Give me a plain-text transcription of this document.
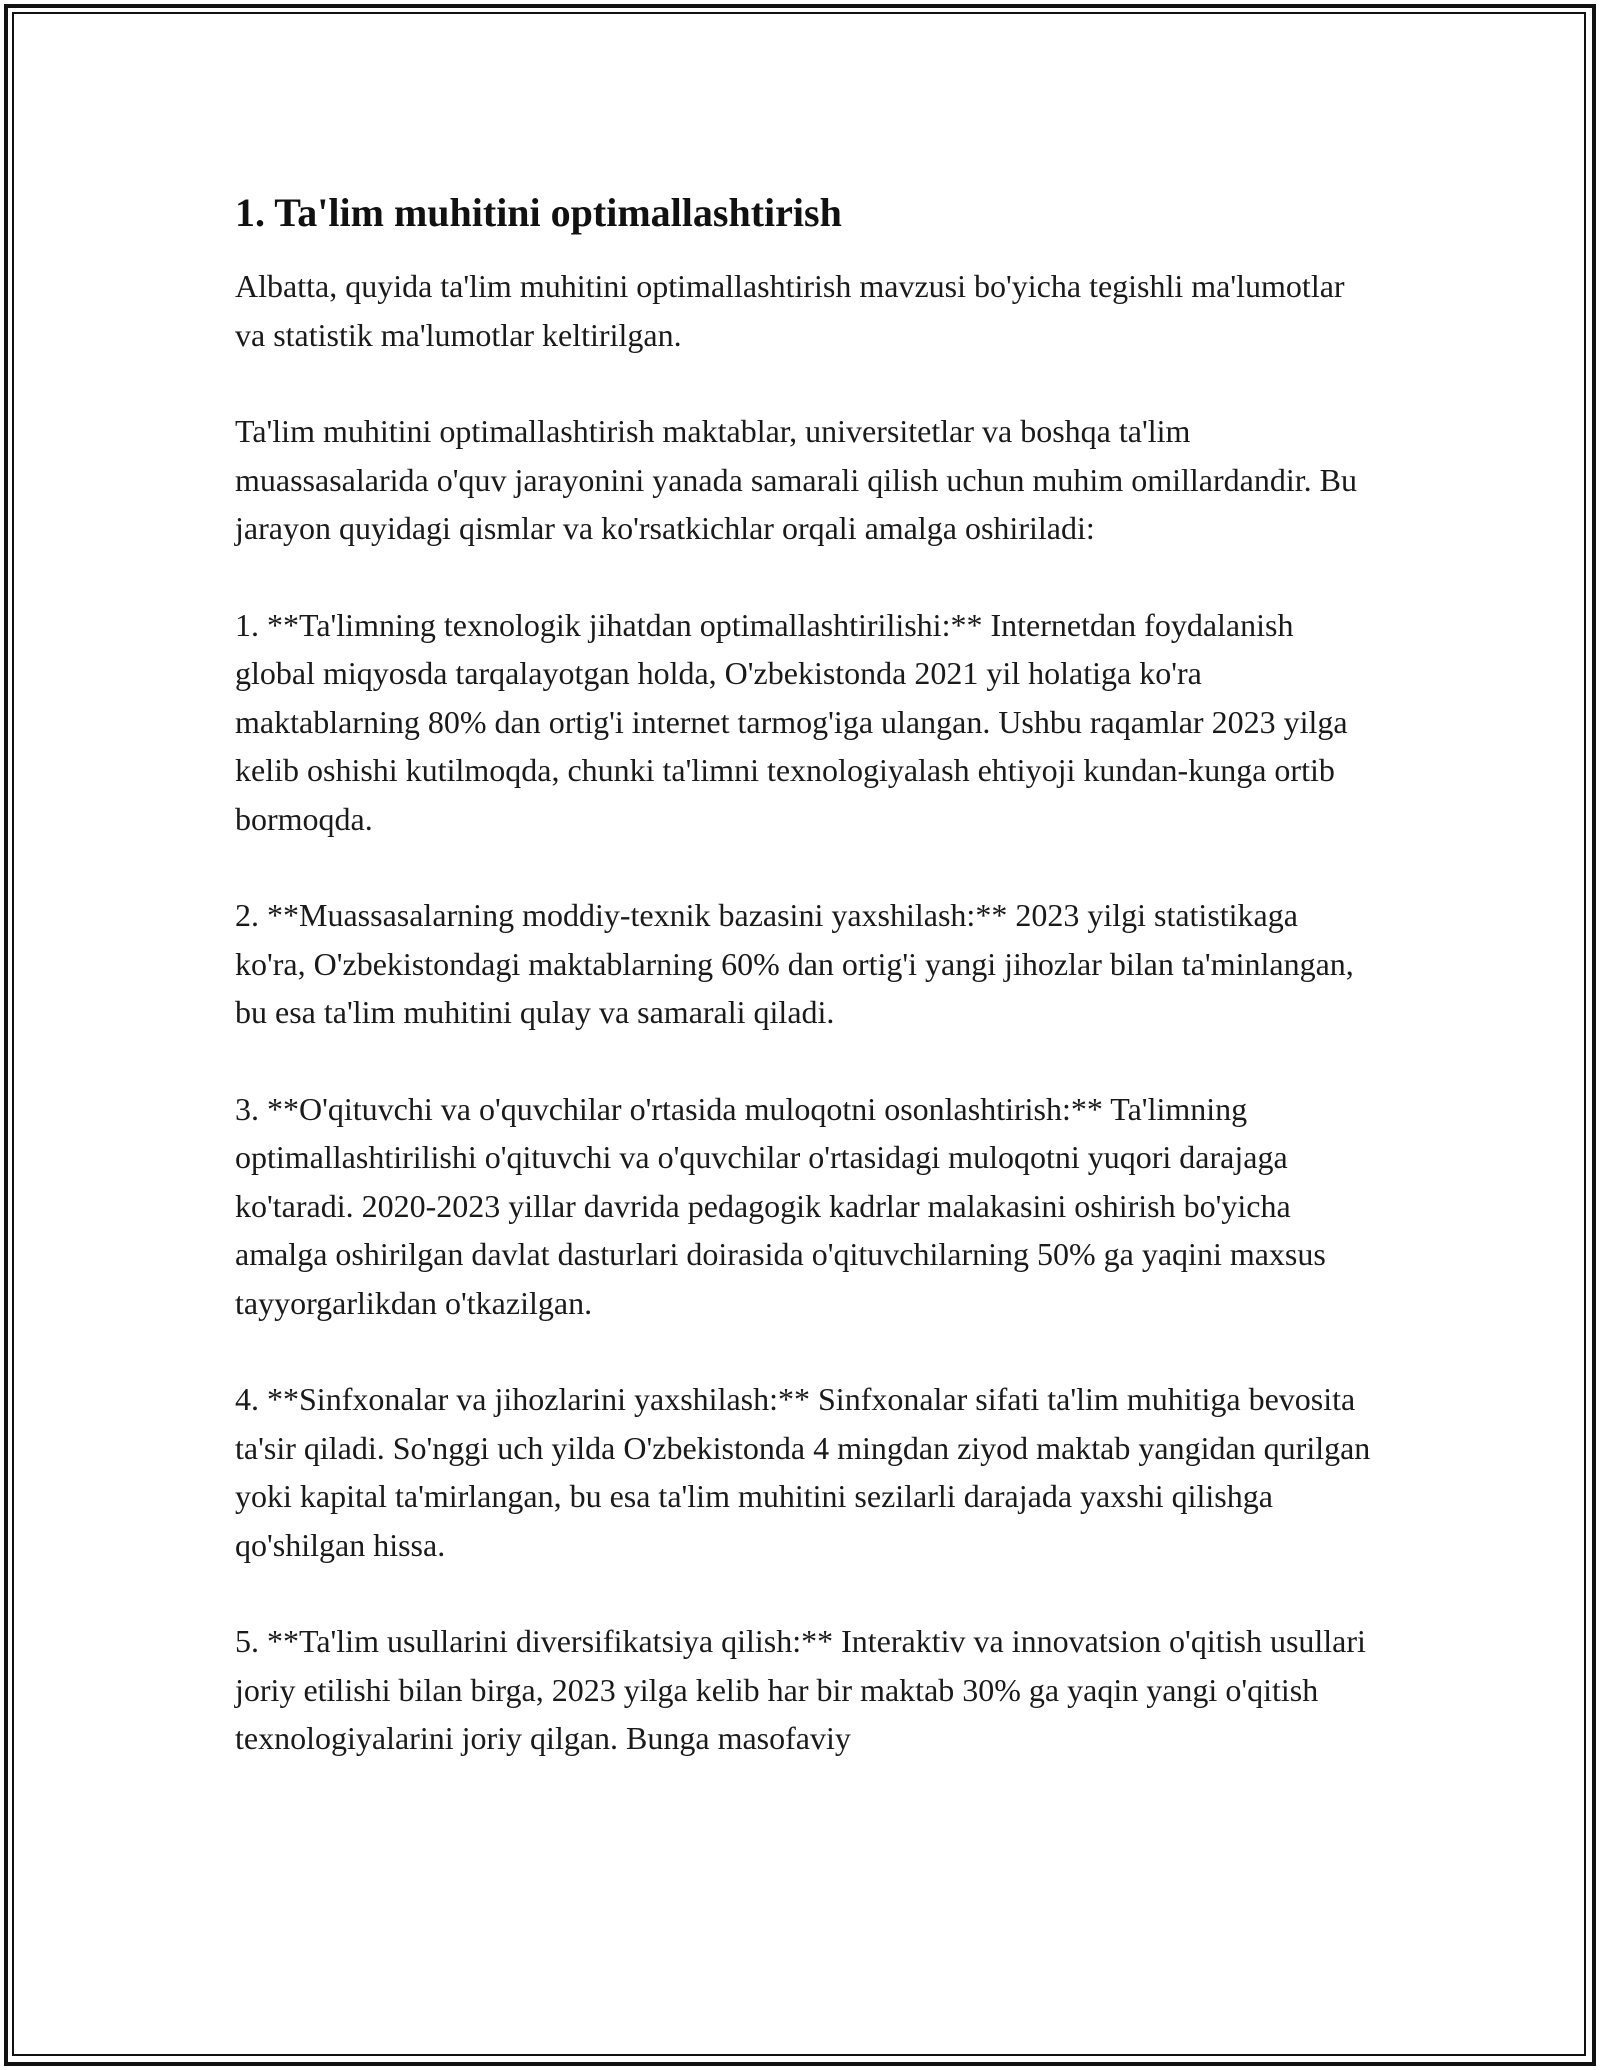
1. Ta'lim muhitini optimallashtirish

Albatta, quyida ta'lim muhitini optimallashtirish mavzusi bo'yicha tegishli ma'lumotlar va statistik ma'lumotlar keltirilgan.

Ta'lim muhitini optimallashtirish maktablar, universitetlar va boshqa ta'lim muassasalarida o'quv jarayonini yanada samarali qilish uchun muhim omillardandir. Bu jarayon quyidagi qismlar va ko'rsatkichlar orqali amalga oshiriladi:

1. **Ta'limning texnologik jihatdan optimallashtirilishi:** Internetdan foydalanish global miqyosda tarqalayotgan holda, O'zbekistonda 2021 yil holatiga ko'ra maktablarning 80% dan ortig'i internet tarmog'iga ulangan. Ushbu raqamlar 2023 yilga kelib oshishi kutilmoqda, chunki ta'limni texnologiyalash ehtiyoji kundan-kunga ortib bormoqda.

2. **Muassasalarning moddiy-texnik bazasini yaxshilash:** 2023 yilgi statistikaga ko'ra, O'zbekistondagi maktablarning 60% dan ortig'i yangi jihozlar bilan ta'minlangan, bu esa ta'lim muhitini qulay va samarali qiladi.

3. **O'qituvchi va o'quvchilar o'rtasida muloqotni osonlashtirish:** Ta'limning optimallashtirilishi o'qituvchi va o'quvchilar o'rtasidagi muloqotni yuqori darajaga ko'taradi. 2020-2023 yillar davrida pedagogik kadrlar malakasini oshirish bo'yicha amalga oshirilgan davlat dasturlari doirasida o'qituvchilarning 50% ga yaqini maxsus tayyorgarlikdan o'tkazilgan.

4. **Sinfxonalar va jihozlarini yaxshilash:** Sinfxonalar sifati ta'lim muhitiga bevosita ta'sir qiladi. So'nggi uch yilda O'zbekistonda 4 mingdan ziyod maktab yangidan qurilgan yoki kapital ta'mirlangan, bu esa ta'lim muhitini sezilarli darajada yaxshi qilishga qo'shilgan hissa.

5. **Ta'lim usullarini diversifikatsiya qilish:** Interaktiv va innovatsion o'qitish usullari joriy etilishi bilan birga, 2023 yilga kelib har bir maktab 30% ga yaqin yangi o'qitish texnologiyalarini joriy qilgan. Bunga masofaviy
